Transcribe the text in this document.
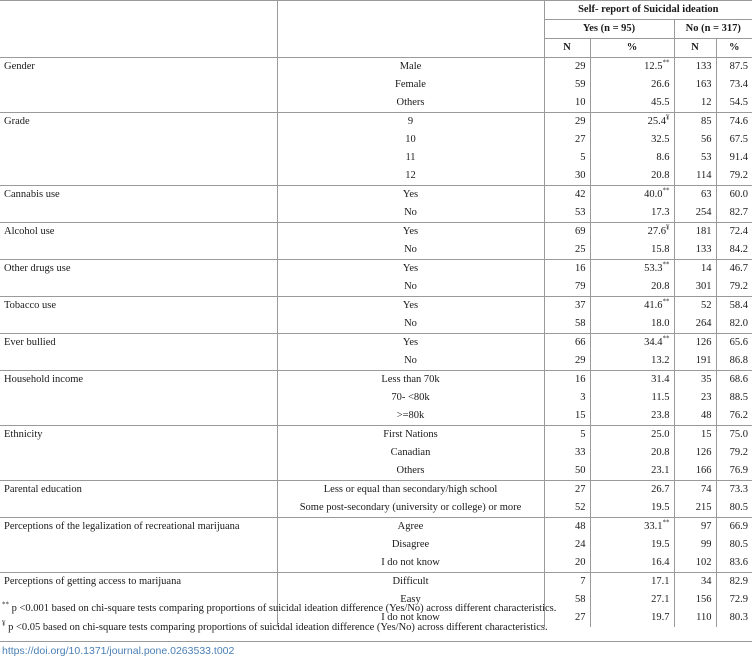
		Self- report of Suicidal ideation			
		Yes (n = 95)		No (n = 317)	
		N	%	N	%
Gender	Male	29	12.5**	133	87.5
	Female	59	26.6	163	73.4
	Others	10	45.5	12	54.5
Grade	9	29	25.4¥	85	74.6
	10	27	32.5	56	67.5
	11	5	8.6	53	91.4
	12	30	20.8	114	79.2
Cannabis use	Yes	42	40.0**	63	60.0
	No	53	17.3	254	82.7
Alcohol use	Yes	69	27.6¥	181	72.4
	No	25	15.8	133	84.2
Other drugs use	Yes	16	53.3**	14	46.7
	No	79	20.8	301	79.2
Tobacco use	Yes	37	41.6**	52	58.4
	No	58	18.0	264	82.0
Ever bullied	Yes	66	34.4**	126	65.6
	No	29	13.2	191	86.8
Household income	Less than 70k	16	31.4	35	68.6
	70- <80k	3	11.5	23	88.5
	>=80k	15	23.8	48	76.2
Ethnicity	First Nations	5	25.0	15	75.0
	Canadian	33	20.8	126	79.2
	Others	50	23.1	166	76.9
Parental education	Less or equal than secondary/high school	27	26.7	74	73.3
	Some post-secondary (university or college) or more	52	19.5	215	80.5
Perceptions of the legalization of recreational marijuana	Agree	48	33.1**	97	66.9
	Disagree	24	19.5	99	80.5
	I do not know	20	16.4	102	83.6
Perceptions of getting access to marijuana	Difficult	7	17.1	34	82.9
	Easy	58	27.1	156	72.9
	I do not know	27	19.7	110	80.3
** p <0.001 based on chi-square tests comparing proportions of suicidal ideation difference (Yes/No) across different characteristics.
¥ p <0.05 based on chi-square tests comparing proportions of suicidal ideation difference (Yes/No) across different characteristics.
https://doi.org/10.1371/journal.pone.0263533.t002
